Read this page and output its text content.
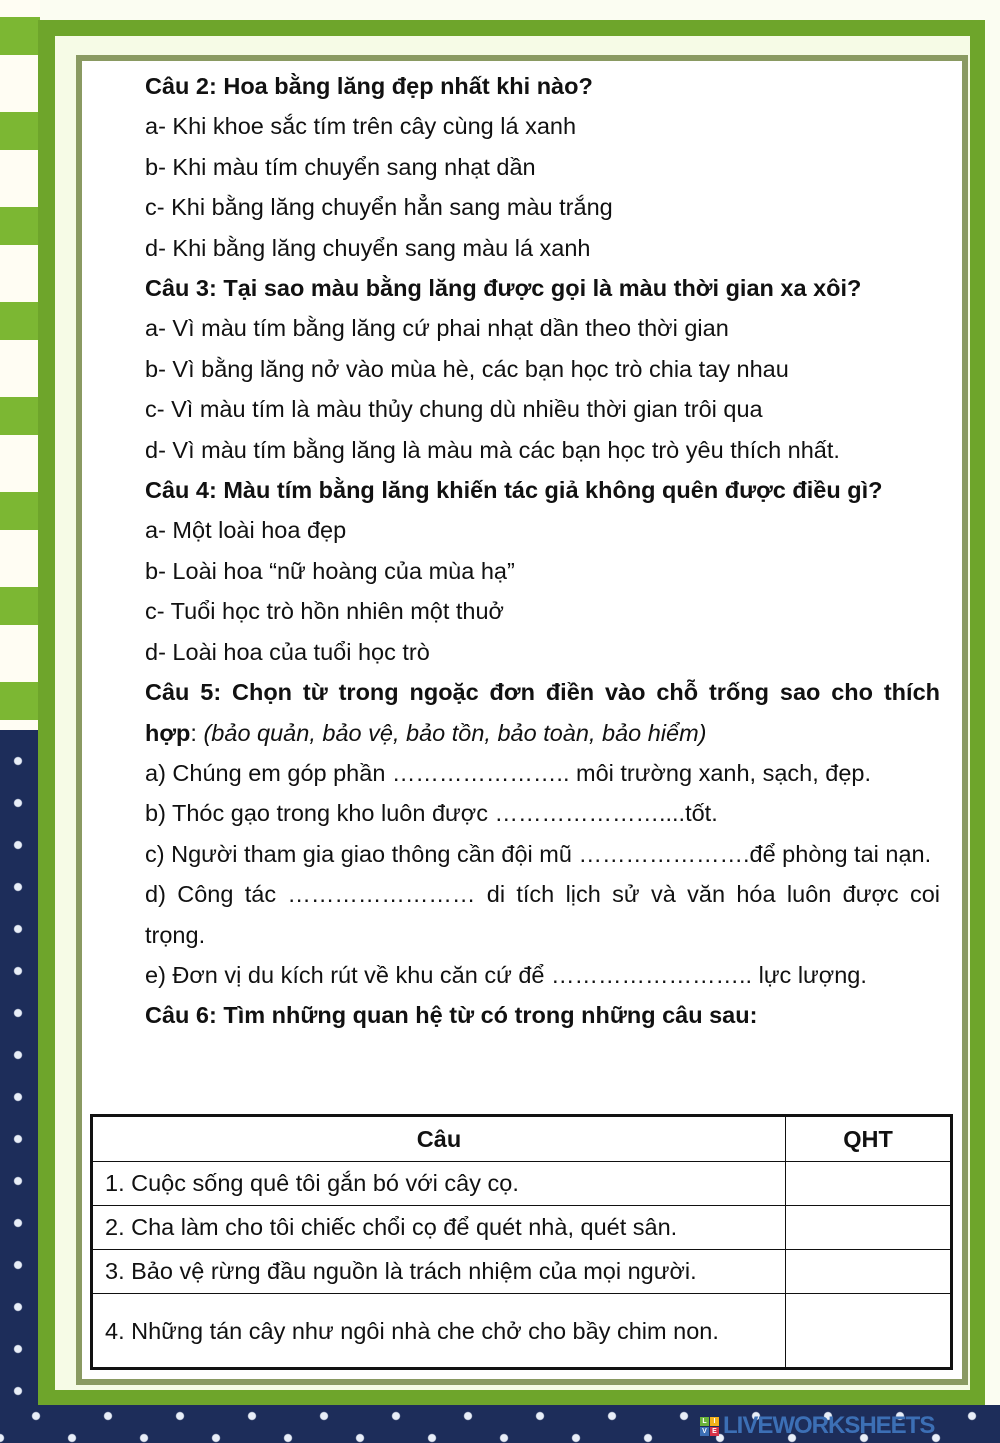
Câu 2: Hoa bằng lăng đẹp nhất khi nào?

a- Khi khoe sắc tím trên cây cùng lá xanh

b- Khi màu tím chuyển sang nhạt dần

c- Khi bằng lăng chuyển hẳn sang màu trắng

d- Khi bằng lăng chuyển sang màu lá xanh

Câu 3: Tại sao màu bằng lăng được gọi là màu thời gian xa xôi?

a- Vì màu tím bằng lăng cứ phai nhạt dần theo thời gian

b- Vì bằng lăng nở vào mùa hè, các bạn học trò chia tay nhau

c- Vì màu tím là màu thủy chung dù nhiều thời gian trôi qua

d- Vì màu tím bằng lăng là màu mà các bạn học trò yêu thích nhất.

Câu 4: Màu tím bằng lăng khiến tác giả không quên được điều gì?

a- Một loài hoa đẹp

b- Loài hoa “nữ hoàng của mùa hạ”

c- Tuổi học trò hồn nhiên một thuở

d- Loài hoa của tuổi học trò

Câu 5: Chọn từ trong ngoặc đơn điền vào chỗ trống sao cho thích hợp: (bảo quản, bảo vệ, bảo tồn, bảo toàn, bảo hiểm)

a) Chúng em góp phần ………………….. môi trường xanh, sạch, đẹp.

b) Thóc gạo trong kho luôn được …………………....tốt.

c) Người tham gia giao thông cần đội mũ ………………….để phòng tai nạn.

d) Công tác …………………… di tích lịch sử và văn hóa luôn được coi trọng.

e) Đơn vị du kích rút về khu căn cứ để …………………….. lực lượng.

Câu 6: Tìm những quan hệ từ có trong những câu sau:

Câu	QHT
1. Cuộc sống quê tôi gắn bó với cây cọ.	
2. Cha làm cho tôi chiếc chổi cọ để quét nhà, quét sân.	
3. Bảo vệ rừng đầu nguồn là trách nhiệm của mọi người.	
4. Những tán cây như ngôi nhà che chở cho bầy chim non.	
L I
V E LIVEWORKSHEETS
